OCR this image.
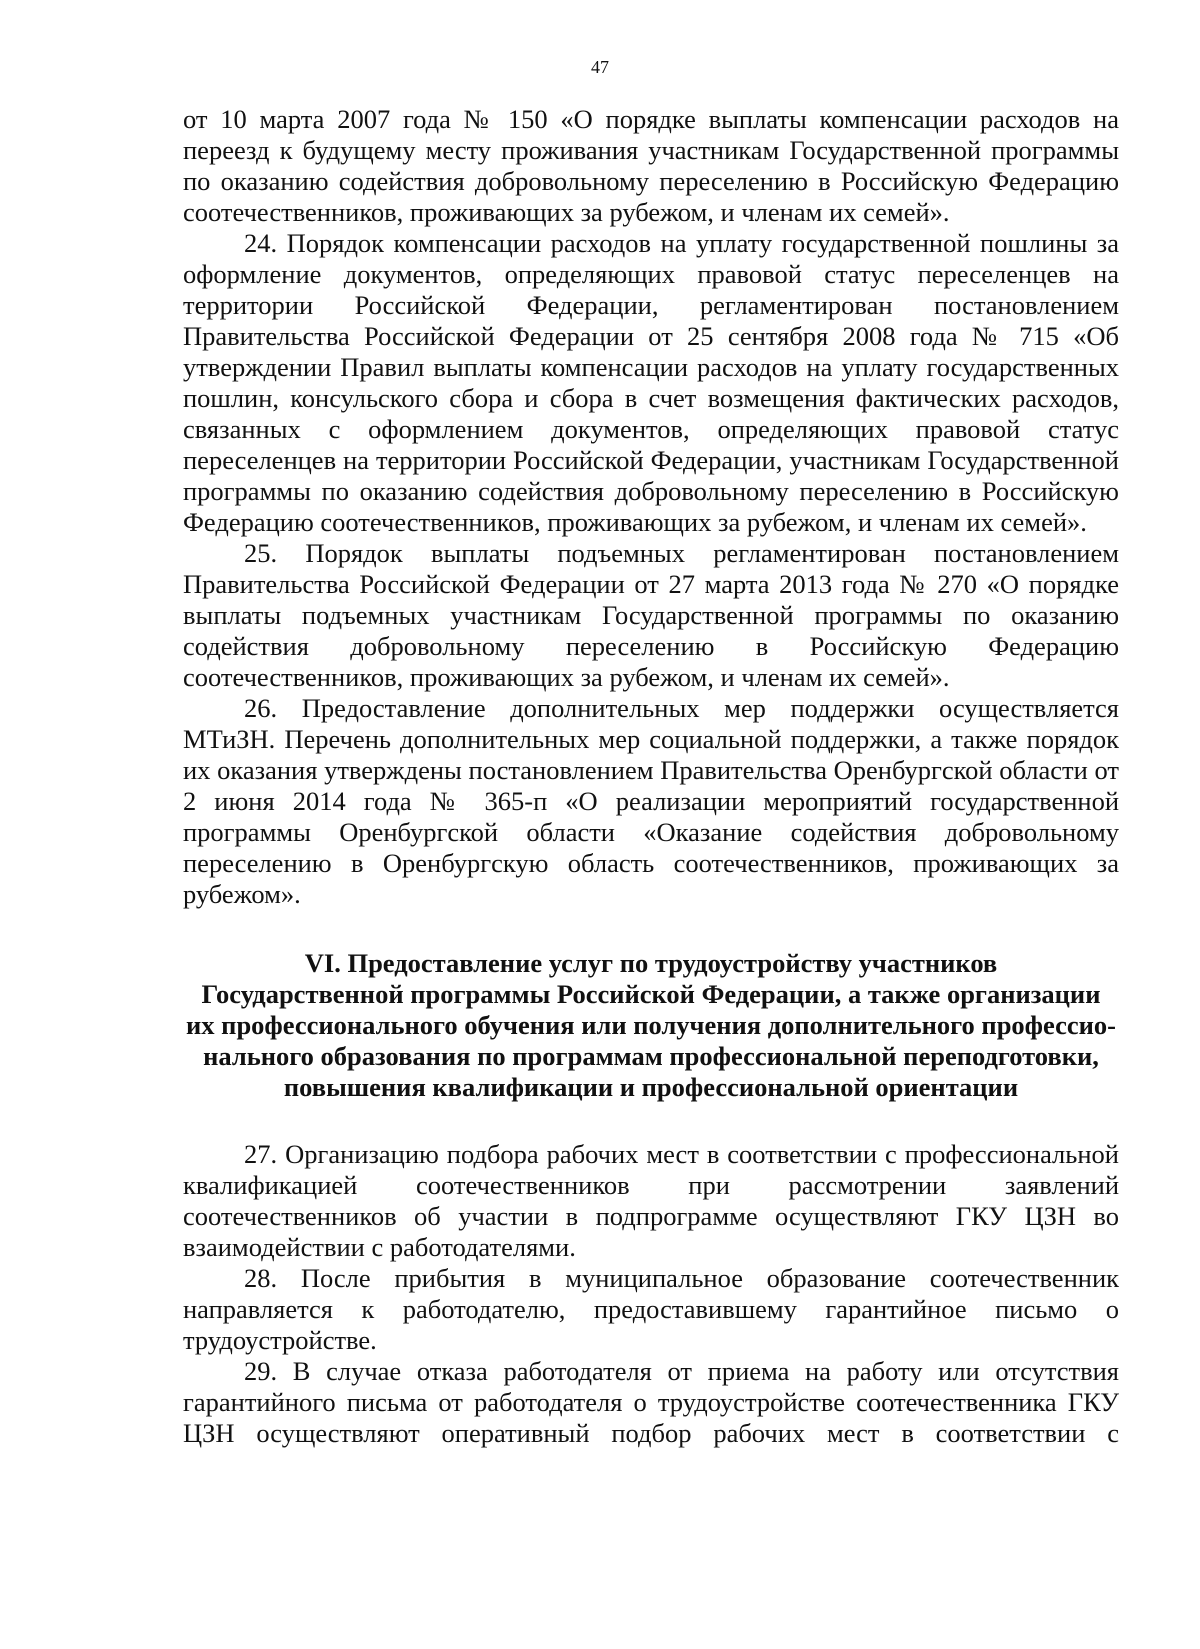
47

от 10 марта 2007 года № 150 «О порядке выплаты компенсации расходов на переезд к будущему месту проживания участникам Государственной программы по оказанию содействия добровольному переселению в Российскую Федерацию соотечественников, проживающих за рубежом, и членам их семей».

24. Порядок компенсации расходов на уплату государственной пошлины за оформление документов, определяющих правовой статус переселенцев на территории Российской Федерации, регламентирован постановлением Правительства Российской Федерации от 25 сентября 2008 года № 715 «Об утверждении Правил выплаты компенсации расходов на уплату государственных пошлин, консульского сбора и сбора в счет возмещения фактических расходов, связанных с оформлением документов, определяющих правовой статус переселенцев на территории Российской Федерации, участникам Государственной программы по оказанию содействия добровольному переселению в Российскую Федерацию соотечественников, проживающих за рубежом, и членам их семей».

25. Порядок выплаты подъемных регламентирован постановлением Правительства Российской Федерации от 27 марта 2013 года № 270 «О порядке выплаты подъемных участникам Государственной программы по оказанию содействия добровольному переселению в Российскую Федерацию соотечественников, проживающих за рубежом, и членам их семей».

26. Предоставление дополнительных мер поддержки осуществляется МТиЗН. Перечень дополнительных мер социальной поддержки, а также порядок их оказания утверждены постановлением Правительства Оренбургской области от 2 июня 2014 года № 365-п «О реализации мероприятий государственной программы Оренбургской области «Оказание содействия добровольному переселению в Оренбургскую область соотечественников, проживающих за рубежом».

VI. Предоставление услуг по трудоустройству участников
Государственной программы Российской Федерации, а также организации
их профессионального обучения или получения дополнительного профессио-
нального образования по программам профессиональной переподготовки,
повышения квалификации и профессиональной ориентации

27. Организацию подбора рабочих мест в соответствии с профессиональной квалификацией соотечественников при рассмотрении заявлений соотечественников об участии в подпрограмме осуществляют ГКУ ЦЗН во взаимодействии с работодателями.

28. После прибытия в муниципальное образование соотечественник направляется к работодателю, предоставившему гарантийное письмо о трудоустройстве.

29. В случае отказа работодателя от приема на работу или отсутствия гарантийного письма от работодателя о трудоустройстве соотечественника ГКУ ЦЗН осуществляют оперативный подбор рабочих мест в соответствии с
